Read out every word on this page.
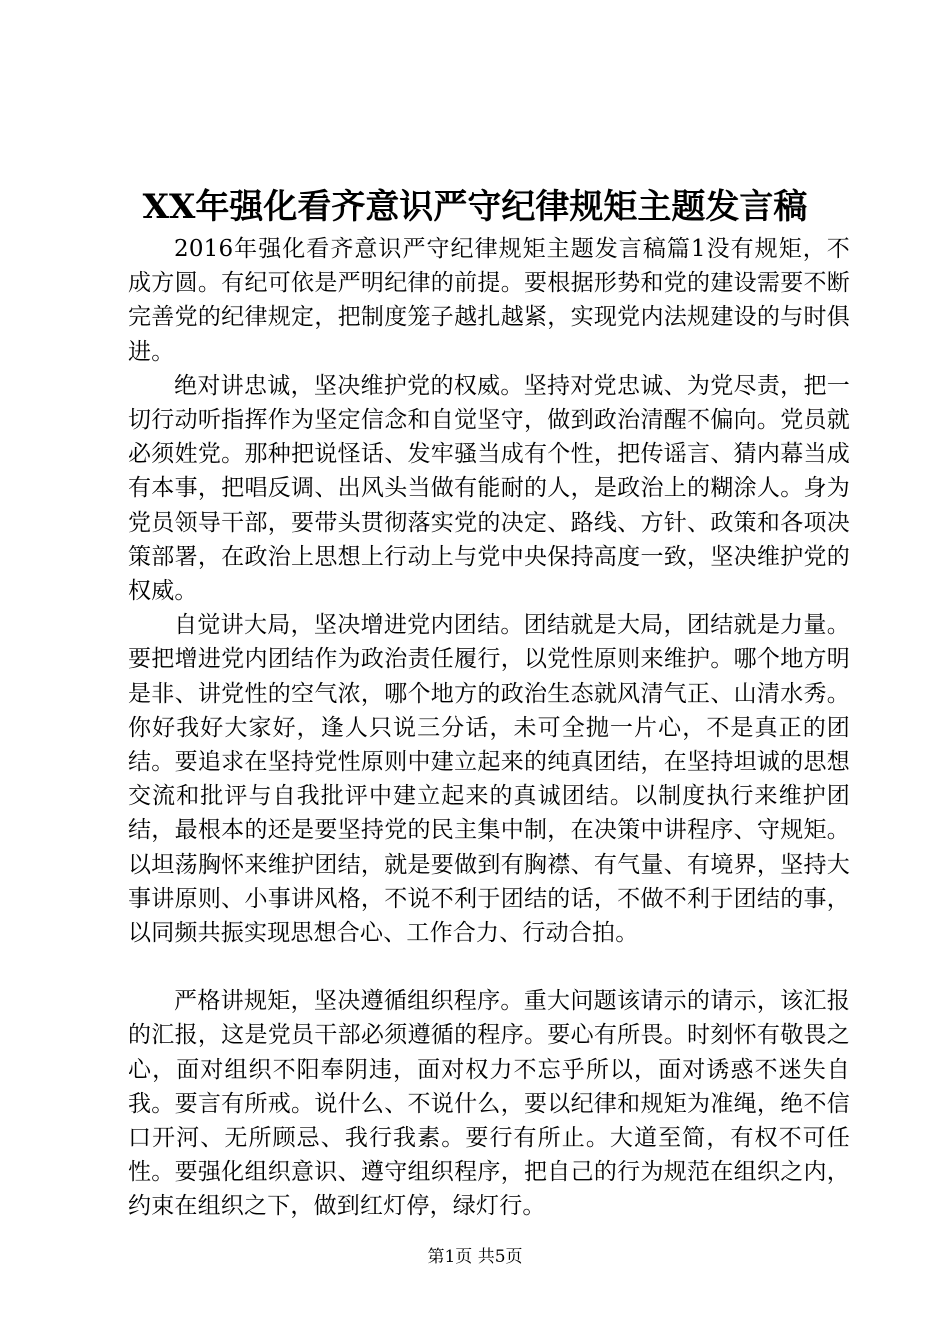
XX年强化看齐意识严守纪律规矩主题发言稿

2016年强化看齐意识严守纪律规矩主题发言稿篇1没有规矩，不成方圆。有纪可依是严明纪律的前提。要根据形势和党的建设需要不断完善党的纪律规定，把制度笼子越扎越紧，实现党内法规建设的与时俱进。

绝对讲忠诚，坚决维护党的权威。坚持对党忠诚、为党尽责，把一切行动听指挥作为坚定信念和自觉坚守，做到政治清醒不偏向。党员就必须姓党。那种把说怪话、发牢骚当成有个性，把传谣言、猜内幕当成有本事，把唱反调、出风头当做有能耐的人，是政治上的糊涂人。身为党员领导干部，要带头贯彻落实党的决定、路线、方针、政策和各项决策部署，在政治上思想上行动上与党中央保持高度一致，坚决维护党的权威。

自觉讲大局，坚决增进党内团结。团结就是大局，团结就是力量。要把增进党内团结作为政治责任履行，以党性原则来维护。哪个地方明是非、讲党性的空气浓，哪个地方的政治生态就风清气正、山清水秀。你好我好大家好，逢人只说三分话，未可全抛一片心，不是真正的团结。要追求在坚持党性原则中建立起来的纯真团结，在坚持坦诚的思想交流和批评与自我批评中建立起来的真诚团结。以制度执行来维护团结，最根本的还是要坚持党的民主集中制，在决策中讲程序、守规矩。以坦荡胸怀来维护团结，就是要做到有胸襟、有气量、有境界，坚持大事讲原则、小事讲风格，不说不利于团结的话，不做不利于团结的事，以同频共振实现思想合心、工作合力、行动合拍。

严格讲规矩，坚决遵循组织程序。重大问题该请示的请示，该汇报的汇报，这是党员干部必须遵循的程序。要心有所畏。时刻怀有敬畏之心，面对组织不阳奉阴违，面对权力不忘乎所以，面对诱惑不迷失自我。要言有所戒。说什么、不说什么，要以纪律和规矩为准绳，绝不信口开河、无所顾忌、我行我素。要行有所止。大道至简，有权不可任性。要强化组织意识、遵守组织程序，把自己的行为规范在组织之内，约束在组织之下，做到红灯停，绿灯行。

第1页 共5页
